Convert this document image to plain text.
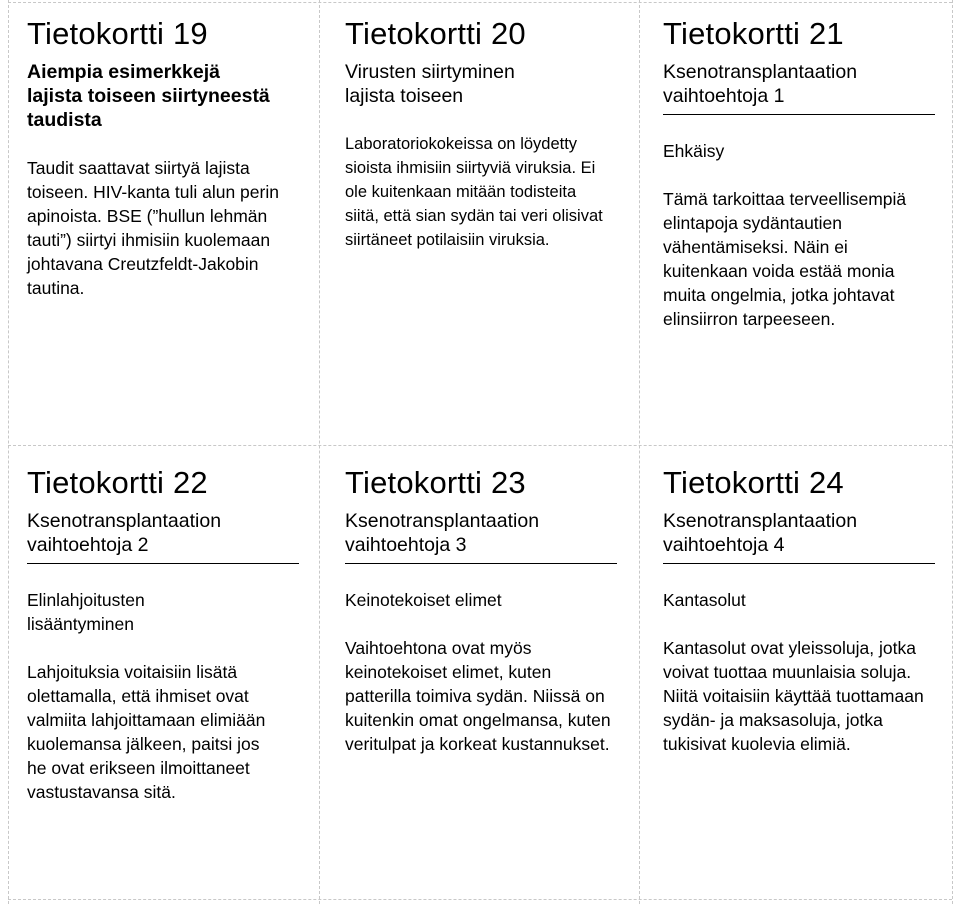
Tietokortti 19
Aiempia esimerkkejä lajista toiseen siirtyneestä taudista

Taudit saattavat siirtyä lajista toiseen. HIV-kanta tuli alun perin apinoista. BSE (”hullun lehmän tauti”) siirtyi ihmisiin kuolemaan johtavana Creutzfeldt-Jakobin tautina.

Tietokortti 20
Virusten siirtyminen lajista toiseen

Laboratoriokokeissa on löydetty sioista ihmisiin siirtyviä viruksia. Ei ole kuitenkaan mitään todisteita siitä, että sian sydän tai veri olisivat siirtäneet potilaisiin viruksia.

Tietokortti 21
Ksenotransplantaation vaihtoehtoja 1

Ehkäisy

Tämä tarkoittaa terveellisempiä elintapoja sydäntautien vähentämiseksi. Näin ei kuitenkaan voida estää monia muita ongelmia, jotka johtavat elinsiirron tarpeeseen.

Tietokortti 22
Ksenotransplantaation vaihtoehtoja 2

Elinlahjoitusten lisääntyminen

Lahjoituksia voitaisiin lisätä olettamalla, että ihmiset ovat valmiita lahjoittamaan elimiään kuolemansa jälkeen, paitsi jos he ovat erikseen ilmoittaneet vastustavansa sitä.

Tietokortti 23
Ksenotransplantaation vaihtoehtoja 3

Keinotekoiset elimet

Vaihtoehtona ovat myös keinotekoiset elimet, kuten patterilla toimiva sydän. Niissä on kuitenkin omat ongelmansa, kuten veritulpat ja korkeat kustannukset.

Tietokortti 24
Ksenotransplantaation vaihtoehtoja 4

Kantasolut

Kantasolut ovat yleissoluja, jotka voivat tuottaa muunlaisia soluja. Niitä voitaisiin käyttää tuottamaan sydän- ja maksasoluja, jotka tukisivat kuolevia elimiä.
